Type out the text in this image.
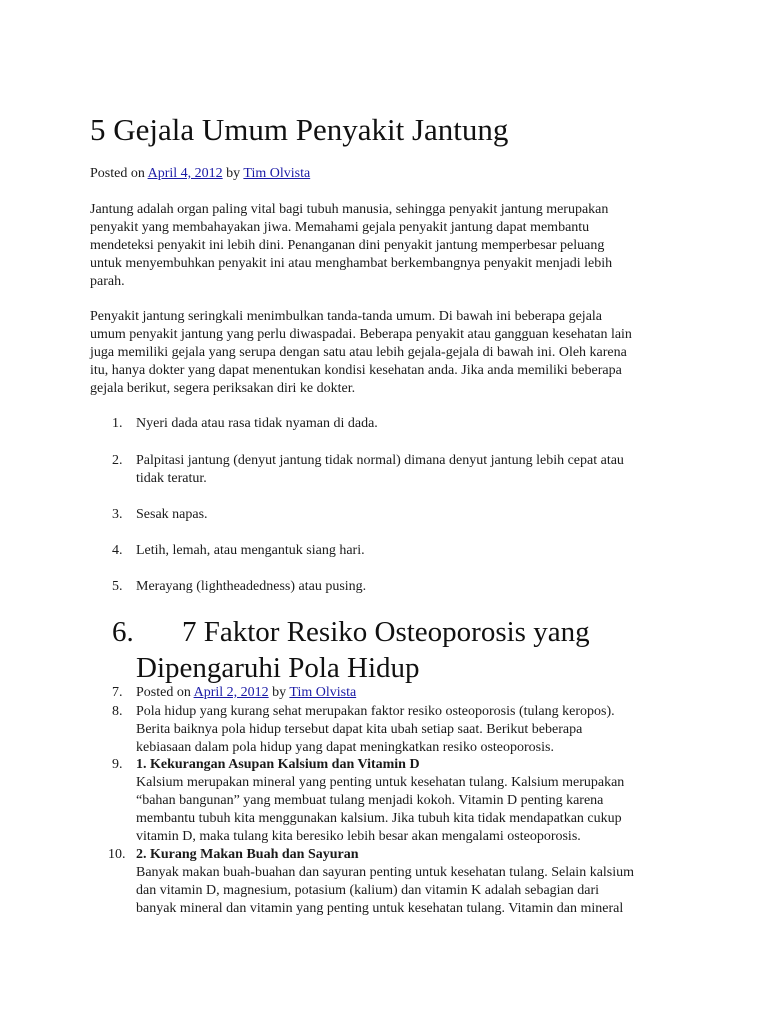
5 Gejala Umum Penyakit Jantung
Posted on April 4, 2012 by Tim Olvista
Jantung adalah organ paling vital bagi tubuh manusia, sehingga penyakit jantung merupakan
penyakit yang membahayakan jiwa. Memahami gejala penyakit jantung dapat membantu
mendeteksi penyakit ini lebih dini. Penanganan dini penyakit jantung memperbesar peluang
untuk menyembuhkan penyakit ini atau menghambat berkembangnya penyakit menjadi lebih
parah.
Penyakit jantung seringkali menimbulkan tanda-tanda umum. Di bawah ini beberapa gejala
umum penyakit jantung yang perlu diwaspadai. Beberapa penyakit atau gangguan kesehatan lain
juga memiliki gejala yang serupa dengan satu atau lebih gejala-gejala di bawah ini. Oleh karena
itu, hanya dokter yang dapat menentukan kondisi kesehatan anda. Jika anda memiliki beberapa
gejala berikut, segera periksakan diri ke dokter.
1. Nyeri dada atau rasa tidak nyaman di dada.
2. Palpitasi jantung (denyut jantung tidak normal) dimana denyut jantung lebih cepat atau
tidak teratur.
3. Sesak napas.
4. Letih, lemah, atau mengantuk siang hari.
5. Merayang (lightheadedness) atau pusing.
6. 7 Faktor Resiko Osteoporosis yang
Dipengaruhi Pola Hidup
7. Posted on April 2, 2012 by Tim Olvista
8. Pola hidup yang kurang sehat merupakan faktor resiko osteoporosis (tulang keropos).
Berita baiknya pola hidup tersebut dapat kita ubah setiap saat. Berikut beberapa
kebiasaan dalam pola hidup yang dapat meningkatkan resiko osteoporosis.
9. 1. Kekurangan Asupan Kalsium dan Vitamin D
Kalsium merupakan mineral yang penting untuk kesehatan tulang. Kalsium merupakan
“bahan bangunan” yang membuat tulang menjadi kokoh. Vitamin D penting karena
membantu tubuh kita menggunakan kalsium. Jika tubuh kita tidak mendapatkan cukup
vitamin D, maka tulang kita beresiko lebih besar akan mengalami osteoporosis.
10. 2. Kurang Makan Buah dan Sayuran
Banyak makan buah-buahan dan sayuran penting untuk kesehatan tulang. Selain kalsium
dan vitamin D, magnesium, potasium (kalium) dan vitamin K adalah sebagian dari
banyak mineral dan vitamin yang penting untuk kesehatan tulang. Vitamin dan mineral
